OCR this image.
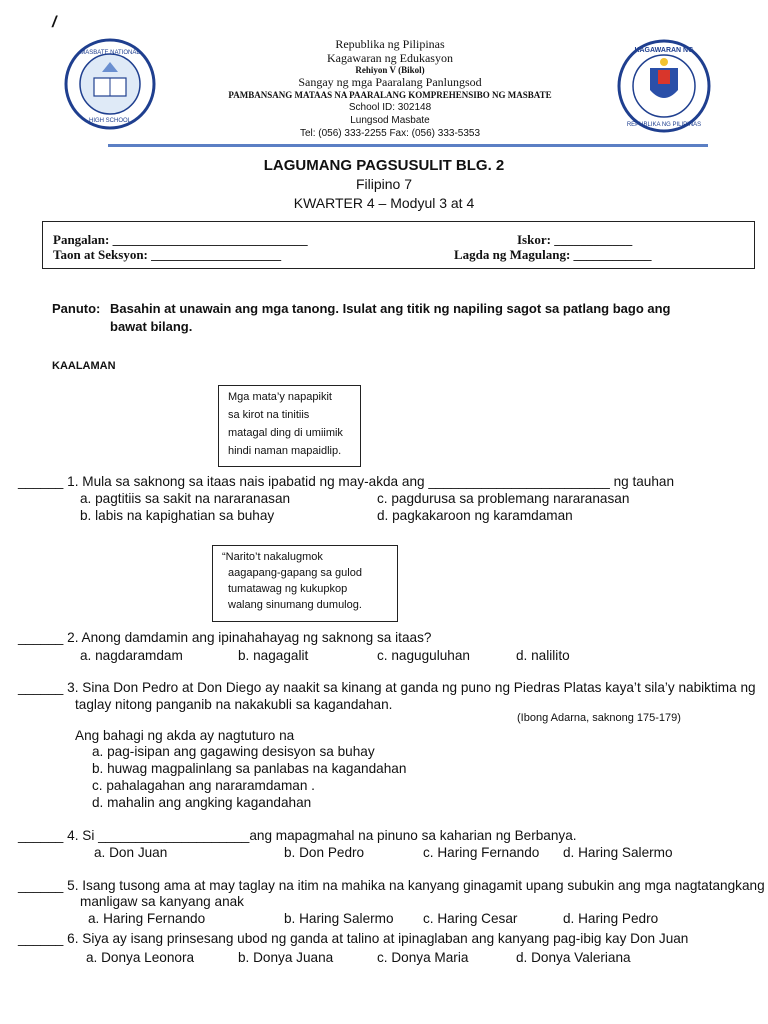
/
MASBATE NATIONAL
HIGH SCHOOL
KAGAWARAN NG
REPUBLIKA NG PILIPINAS
Republika ng Pilipinas
Kagawaran ng Edukasyon
Rehiyon V (Bikol)
Sangay ng mga Paaralang Panlungsod
PAMBANSANG MATAAS NA PAARALANG KOMPREHENSIBO NG MASBATE
School ID: 302148
Lungsod Masbate
Tel: (056) 333-2255 Fax: (056) 333-5353
LAGUMANG PAGSUSULIT BLG. 2
Filipino 7
KWARTER 4 – Modyul 3 at 4
Pangalan: ______________________________	Iskor: ____________
Taon at Seksyon: ____________________	Lagda ng Magulang: ____________
Panuto: Basahin at unawain ang mga tanong. Isulat ang titik ng napiling sagot sa patlang bago ang
bawat bilang.
KAALAMAN
Mga mata’y napapikit
sa kirot na tinitiis
matagal ding di umiimik
hindi naman mapaidlip.
______ 1. Mula sa saknong sa itaas nais ipabatid ng may-akda ang ________________________ ng tauhan
a. pagtitiis sa sakit na nararanasan	c. pagdurusa sa problemang nararanasan
b. labis na kapighatian sa buhay	d. pagkakaroon ng karamdaman
“Narito’t nakalugmok
aagapang-gapang sa gulod
tumatawag ng kukupkop
walang sinumang dumulog.
______ 2. Anong damdamin ang ipinahahayag ng saknong sa itaas?
a. nagdaramdam	b. nagagalit	c. naguguluhan	d. nalilito
______ 3. Sina Don Pedro at Don Diego ay naakit sa kinang at ganda ng puno ng Piedras Platas kaya’t sila’y nabiktima ng
taglay nitong panganib na nakakubli sa kagandahan.
(Ibong Adarna, saknong 175-179)
Ang bahagi ng akda ay nagtuturo na
a. pag-isipan ang gagawing desisyon sa buhay
b. huwag magpalinlang sa panlabas na kagandahan
c. pahalagahan ang nararamdaman .
d. mahalin ang angking kagandahan
______ 4. Si ____________________ang mapagmahal na pinuno sa kaharian ng Berbanya.
a. Don Juan	b. Don Pedro	c. Haring Fernando d. Haring Salermo
______ 5. Isang tusong ama at may taglay na itim na mahika na kanyang ginagamit upang subukin ang mga nagtatangkang
manligaw sa kanyang anak
a. Haring Fernando	b. Haring Salermo c. Haring Cesar	d. Haring Pedro
______ 6. Siya ay isang prinsesang ubod ng ganda at talino at ipinaglaban ang kanyang pag-ibig kay Don Juan
a. Donya Leonora	b. Donya Juana	c. Donya Maria	d. Donya Valeriana
